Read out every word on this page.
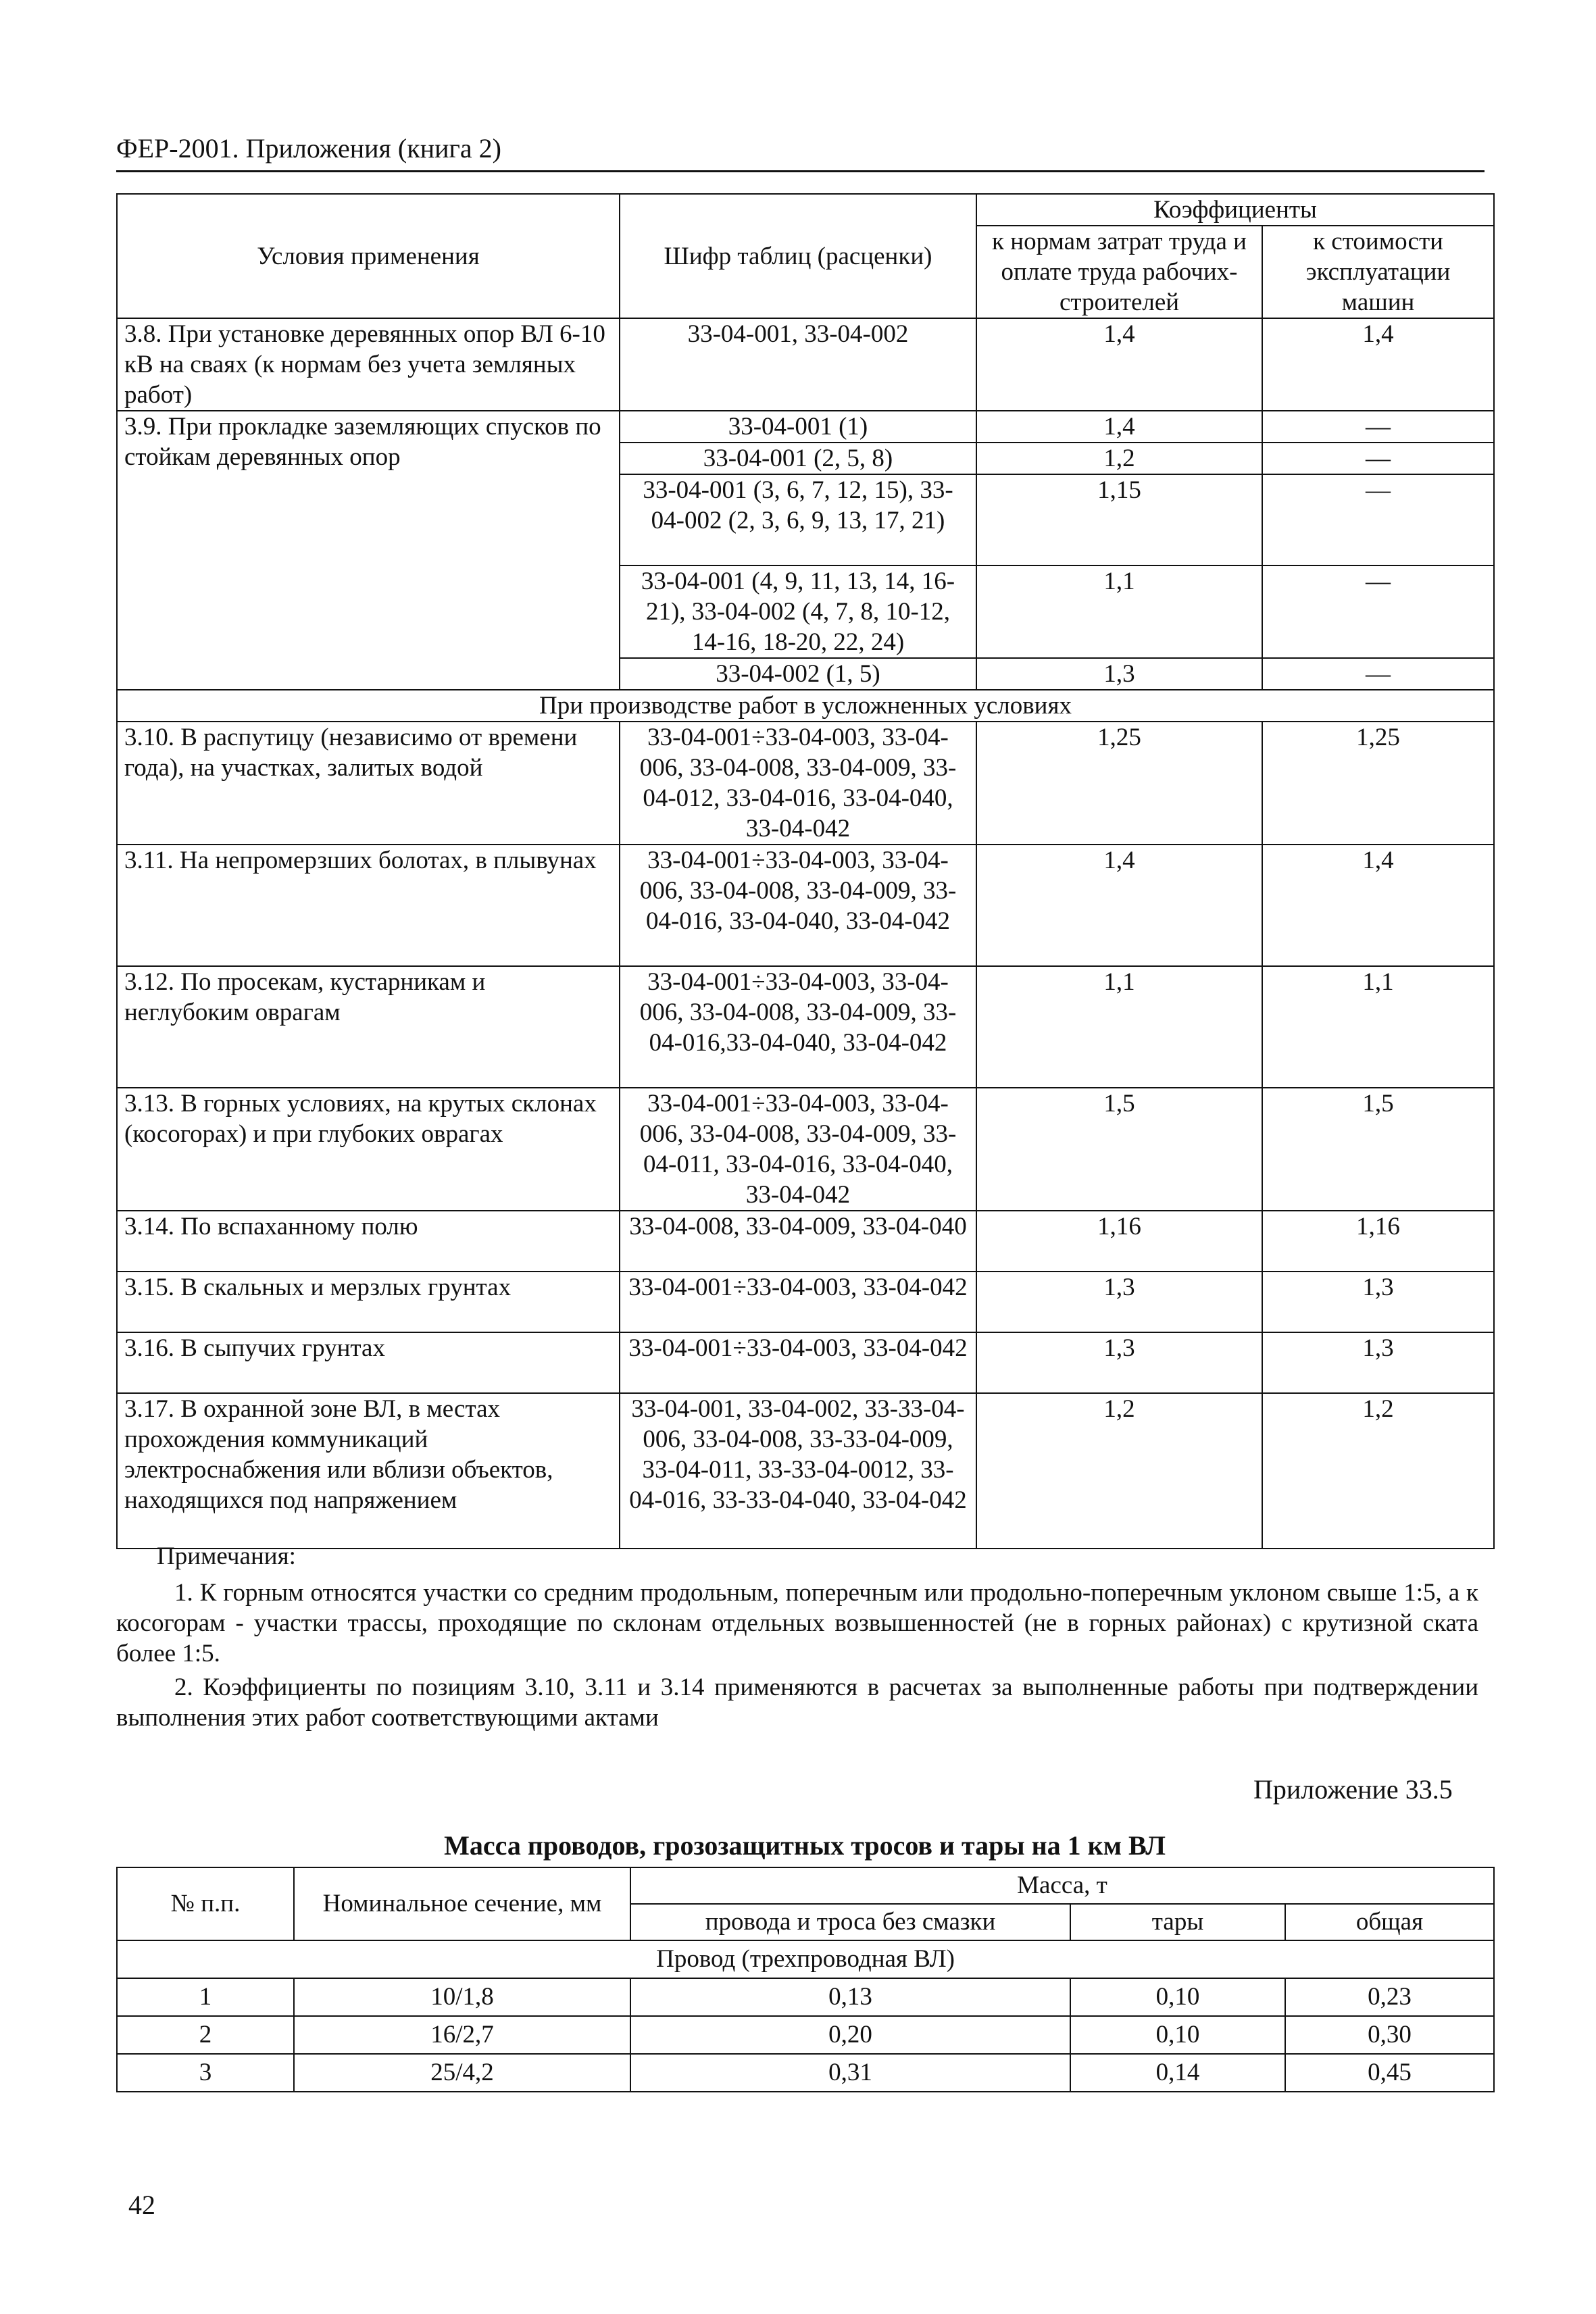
ФЕР-2001. Приложения (книга 2)
Условия применения	Шифр таблиц (расценки)	Коэффициенты	
		к нормам затрат труда и оплате труда рабочих-строителей	к стоимости эксплуатации машин
3.8. При установке деревянных опор ВЛ 6-10 кВ на сваях (к нормам без учета земляных работ)	33-04-001, 33-04-002	1,4	1,4
3.9. При прокладке заземляющих спусков по стойкам деревянных опор	33-04-001 (1)	1,4	—
	33-04-001 (2, 5, 8)	1,2	—
	33-04-001 (3, 6, 7, 12, 15), 33-04-002 (2, 3, 6, 9, 13, 17, 21)	1,15	—
	33-04-001 (4, 9, 11, 13, 14, 16-21), 33-04-002 (4, 7, 8, 10-12, 14-16, 18-20, 22, 24)	1,1	—
	33-04-002 (1, 5)	1,3	—
При производстве работ в усложненных условиях			
3.10. В распутицу (независимо от времени года), на участках, залитых водой	33-04-001÷33-04-003, 33-04-006, 33-04-008, 33-04-009, 33-04-012, 33-04-016, 33-04-040, 33-04-042	1,25	1,25
3.11. На непромерзших болотах, в плывунах	33-04-001÷33-04-003, 33-04-006, 33-04-008, 33-04-009, 33-04-016, 33-04-040, 33-04-042	1,4	1,4
3.12. По просекам, кустарникам и неглубоким оврагам	33-04-001÷33-04-003, 33-04-006, 33-04-008, 33-04-009, 33-04-016,33-04-040, 33-04-042	1,1	1,1
3.13. В горных условиях, на крутых склонах (косогорах) и при глубоких оврагах	33-04-001÷33-04-003, 33-04-006, 33-04-008, 33-04-009, 33-04-011, 33-04-016, 33-04-040, 33-04-042	1,5	1,5
3.14. По вспаханному полю	33-04-008, 33-04-009, 33-04-040	1,16	1,16
3.15. В скальных и мерзлых грунтах	33-04-001÷33-04-003, 33-04-042	1,3	1,3
3.16. В сыпучих грунтах	33-04-001÷33-04-003, 33-04-042	1,3	1,3
3.17. В охранной зоне ВЛ, в местах прохождения коммуникаций электроснабжения или вблизи объектов, находящихся под напряжением	33-04-001, 33-04-002, 33-33-04-006, 33-04-008, 33-33-04-009, 33-04-011, 33-33-04-0012, 33-04-016, 33-33-04-040, 33-04-042	1,2	1,2
Примечания:
1. К горным относятся участки со средним продольным, поперечным или продольно-поперечным уклоном свыше 1:5, а к косогорам - участки трассы, проходящие по склонам отдельных возвышенностей (не в горных районах) с крутизной ската более 1:5.
2. Коэффициенты по позициям 3.10, 3.11 и 3.14 применяются в расчетах за выполненные работы при подтверждении выполнения этих работ соответствующими актами
Приложение 33.5
Масса проводов, грозозащитных тросов и тары на 1 км ВЛ
№ п.п.	Номинальное сечение, мм	Масса, т		
		провода и троса без смазки	тары	общая
Провод (трехпроводная ВЛ)				
1	10/1,8	0,13	0,10	0,23
2	16/2,7	0,20	0,10	0,30
3	25/4,2	0,31	0,14	0,45
42
